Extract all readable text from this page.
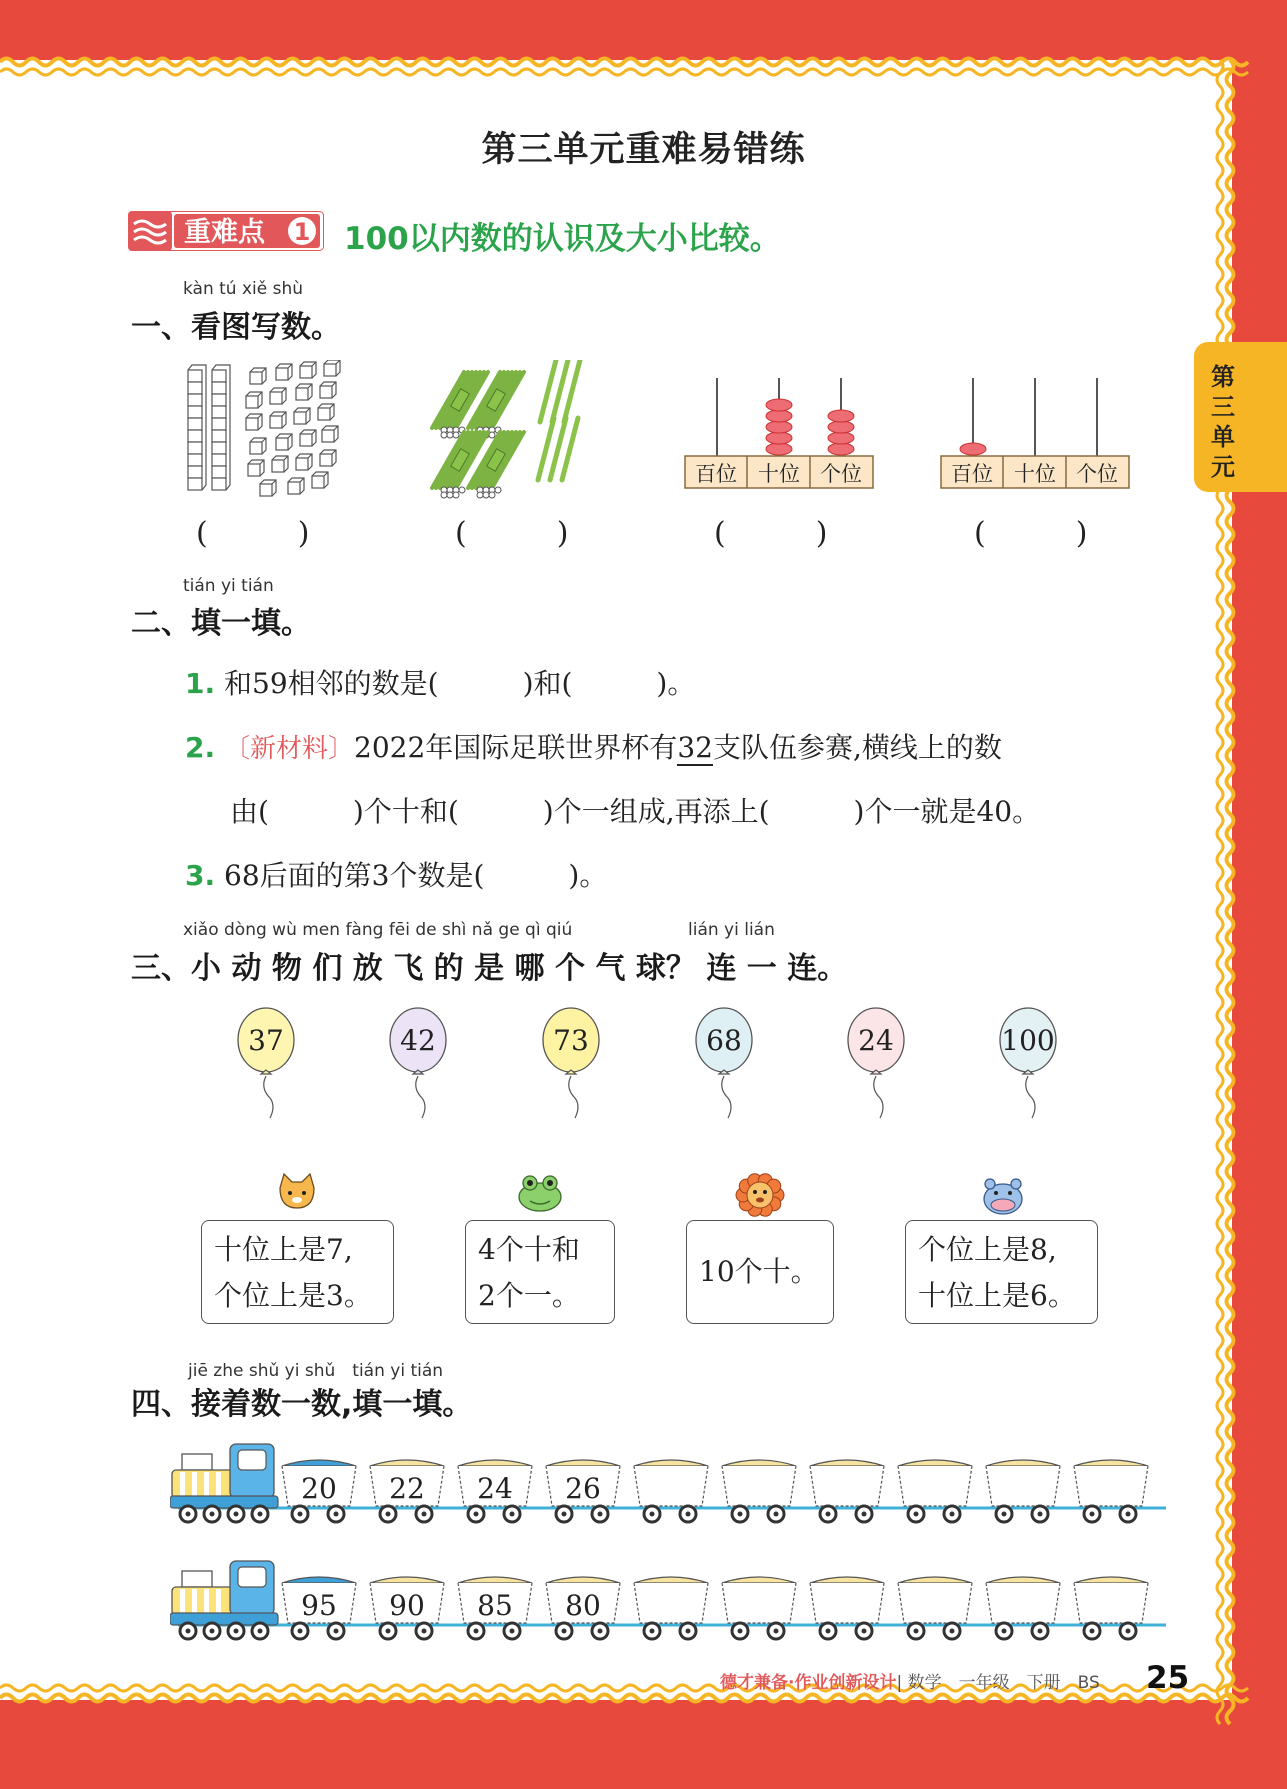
第三单元重难易错练
第三单元
重难点 1 100以内数的认识及大小比较。
kàn tú xiě shù
一、看图写数。
百位 十位 个位	百位 十位 个位
(　　　)	(　　　)	(　　　)	(　　　)
tián yi tián
二、填一填。
1. 和59相邻的数是(　　　)和(　　　)。
2. 〔新材料〕2022年国际足联世界杯有32支队伍参赛,横线上的数
由(　　　)个十和(　　　)个一组成,再添上(　　　)个一就是40。
3. 68后面的第3个数是(　　　)。
xiǎo dòng wù men fàng fēi de shì nǎ ge qì qiú	lián yi lián
三、小 动 物 们 放 飞 的 是 哪 个 气 球？ 连 一 连。
37	42	73	68	24	100
十位上是7,
个位上是3。
4个十和
2个一。
10个十。
个位上是8,
十位上是6。
jiē zhe shǔ yi shǔ　tián yi tián
四、接着数一数,填一填。
20 22 24 26
95 90 85 80
德才兼备·作业创新设计| 数学　一年级　下册　BS 25
